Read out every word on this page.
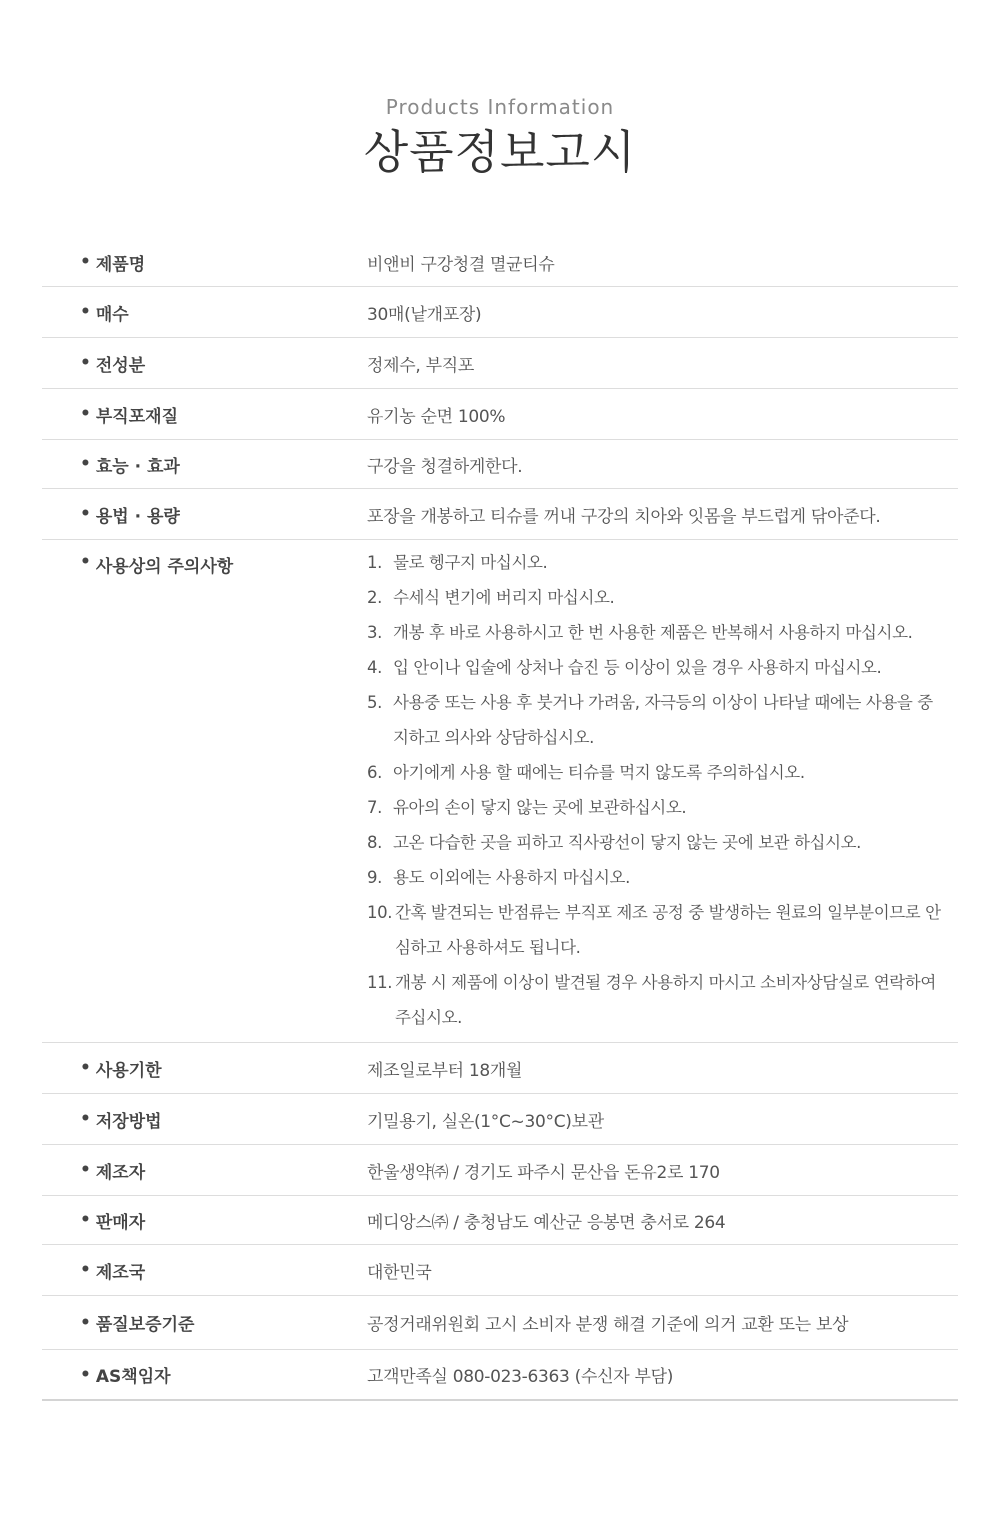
Products Information
상품정보고시
• 제품명	비앤비 구강청결 멸균티슈
• 매수	30매(낱개포장)
• 전성분	정제수, 부직포
• 부직포재질	유기농 순면 100%
• 효능 · 효과	구강을 청결하게한다.
• 용법 · 용량	포장을 개봉하고 티슈를 꺼내 구강의 치아와 잇몸을 부드럽게 닦아준다.
• 사용상의 주의사항	1. 물로 헹구지 마십시오.
2. 수세식 변기에 버리지 마십시오.
3. 개봉 후 바로 사용하시고 한 번 사용한 제품은 반복해서 사용하지 마십시오.
4. 입 안이나 입술에 상처나 습진 등 이상이 있을 경우 사용하지 마십시오.
5. 사용중 또는 사용 후 붓거나 가려움, 자극등의 이상이 나타날 때에는 사용을 중지하고 의사와 상담하십시오.
6. 아기에게 사용 할 때에는 티슈를 먹지 않도록 주의하십시오.
7. 유아의 손이 닿지 않는 곳에 보관하십시오.
8. 고온 다습한 곳을 피하고 직사광선이 닿지 않는 곳에 보관 하십시오.
9. 용도 이외에는 사용하지 마십시오.
10. 간혹 발견되는 반점류는 부직포 제조 공정 중 발생하는 원료의 일부분이므로 안심하고 사용하셔도 됩니다.
11. 개봉 시 제품에 이상이 발견될 경우 사용하지 마시고 소비자상담실로 연락하여 주십시오.
• 사용기한	제조일로부터 18개월
• 저장방법	기밀용기, 실온(1°C~30°C)보관
• 제조자	한울생약㈜ / 경기도 파주시 문산읍 돈유2로 170
• 판매자	메디앙스㈜ / 충청남도 예산군 응봉면 충서로 264
• 제조국	대한민국
• 품질보증기준	공정거래위원회 고시 소비자 분쟁 해결 기준에 의거 교환 또는 보상
• AS책임자	고객만족실 080-023-6363 (수신자 부담)
